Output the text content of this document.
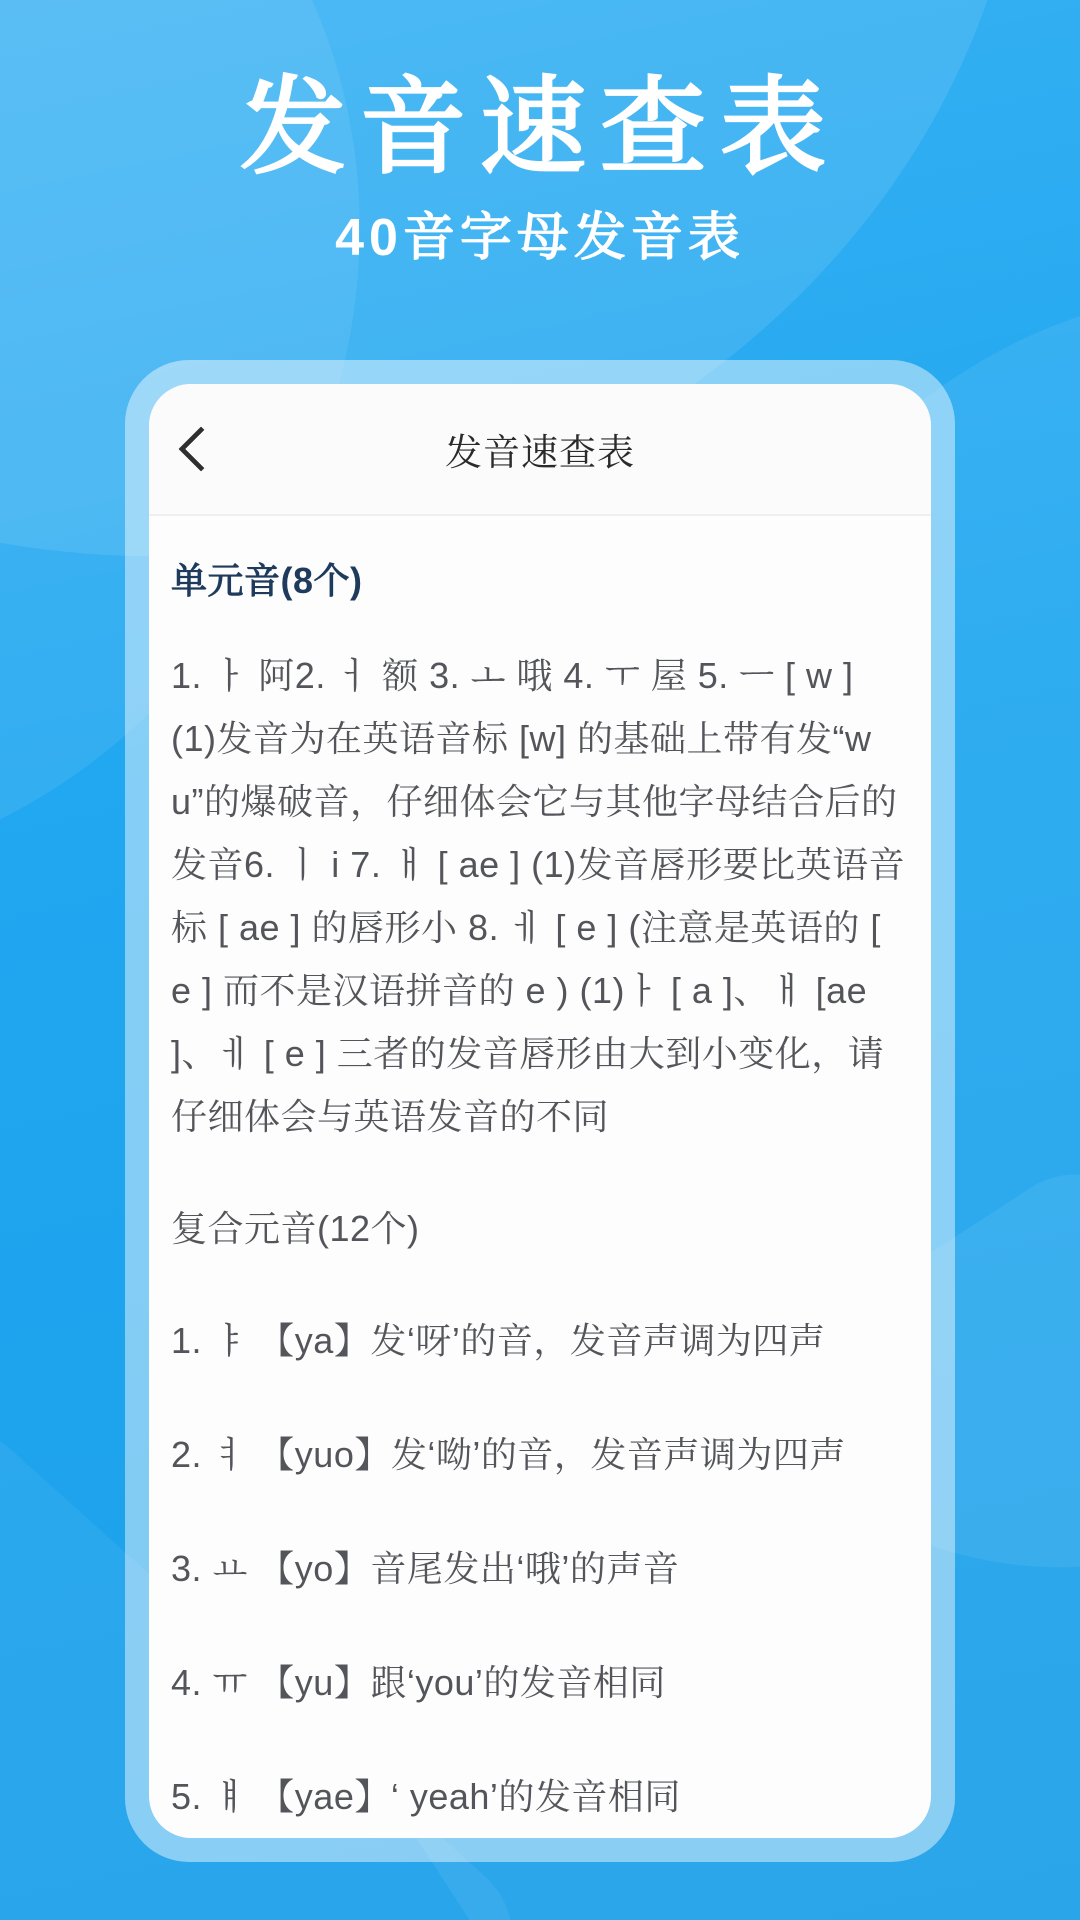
发音速查表
40音字母发音表
发音速查表
单元音(8个)

1. ㅏ 阿2. ㅓ 额 3. ㅗ 哦 4. ㅜ 屋 5. ㅡ [ w ] (1)发音为在英语音标 [w] 的基础上带有发“wu”的爆破音，仔细体会它与其他字母结合后的发音6. ㅣ i 7. ㅐ [ ae ] (1)发音唇形要比英语音标 [ ae ] 的唇形小 8. ㅔ [ e ] (注意是英语的 [ e ] 而不是汉语拼音的 e ) (1)ㅏ [ a ]、ㅐ [ae ]、ㅔ [ e ] 三者的发音唇形由大到小变化，请仔细体会与英语发音的不同

复合元音(12个)
1. ㅑ 【ya】发‘呀’的音，发音声调为四声
2. ㅕ 【yuo】发‘呦’的音，发音声调为四声
3. ㅛ 【yo】音尾发出‘哦’的声音
4. ㅠ 【yu】跟‘you’的发音相同
5. ㅒ 【yae】‘ yeah’的发音相同
